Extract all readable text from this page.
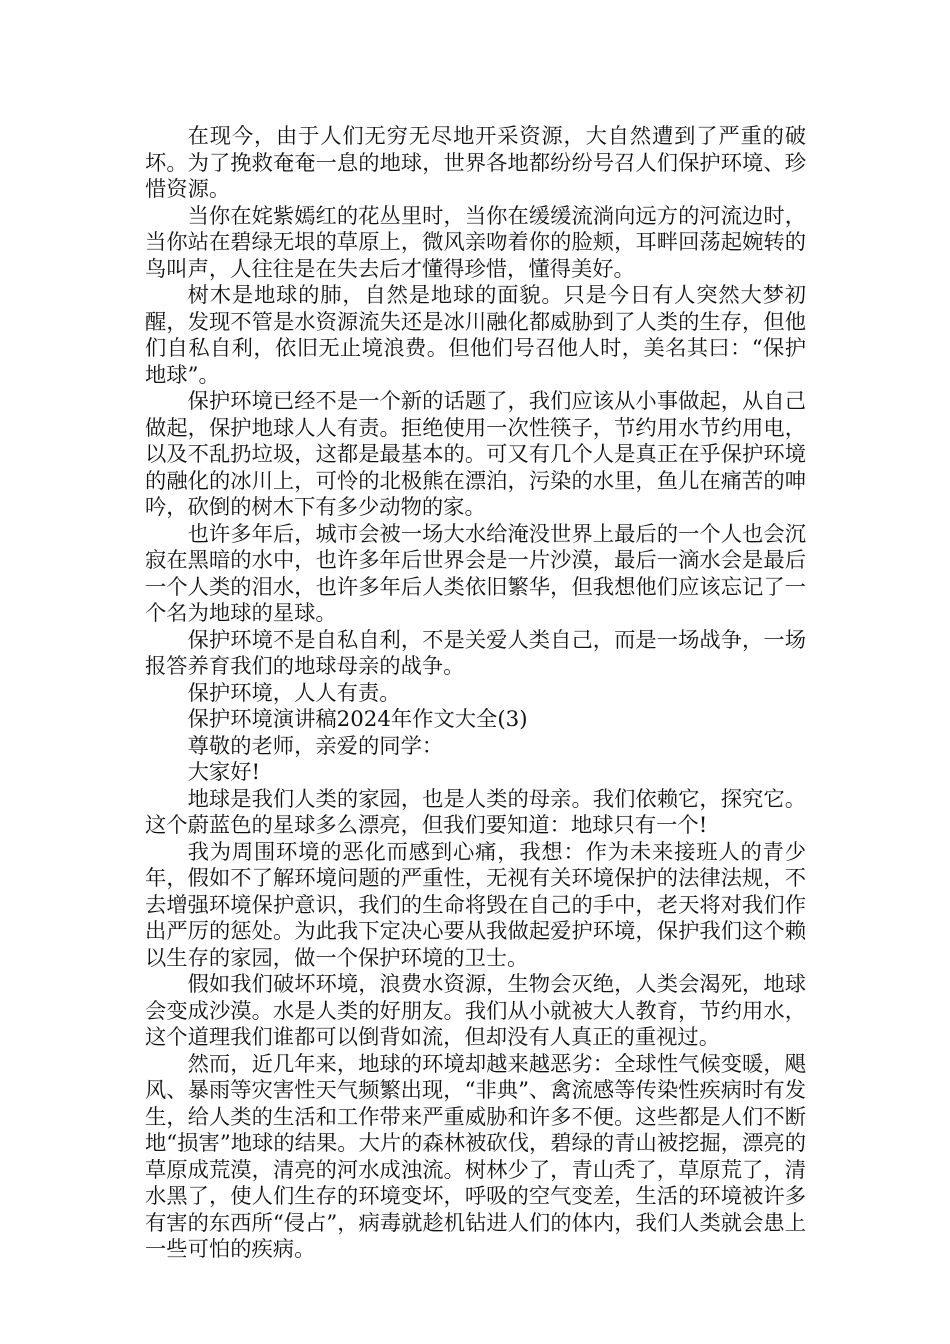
在现今，由于人们无穷无尽地开采资源，大自然遭到了严重的破坏。为了挽救奄奄一息的地球，世界各地都纷纷号召人们保护环境、珍惜资源。

当你在姹紫嫣红的花丛里时，当你在缓缓流淌向远方的河流边时，当你站在碧绿无垠的草原上，微风亲吻着你的脸颊，耳畔回荡起婉转的鸟叫声，人往往是在失去后才懂得珍惜，懂得美好。

树木是地球的肺，自然是地球的面貌。只是今日有人突然大梦初醒，发现不管是水资源流失还是冰川融化都威胁到了人类的生存，但他们自私自利，依旧无止境浪费。但他们号召他人时，美名其曰：“保护地球”。

保护环境已经不是一个新的话题了，我们应该从小事做起，从自己做起，保护地球人人有责。拒绝使用一次性筷子，节约用水节约用电，以及不乱扔垃圾，这都是最基本的。可又有几个人是真正在乎保护环境的融化的冰川上，可怜的北极熊在漂泊，污染的水里，鱼儿在痛苦的呻吟，砍倒的树木下有多少动物的家。

也许多年后，城市会被一场大水给淹没世界上最后的一个人也会沉寂在黑暗的水中，也许多年后世界会是一片沙漠，最后一滴水会是最后一个人类的泪水，也许多年后人类依旧繁华，但我想他们应该忘记了一个名为地球的星球。

保护环境不是自私自利，不是关爱人类自己，而是一场战争，一场报答养育我们的地球母亲的战争。

保护环境，人人有责。

保护环境演讲稿2024年作文大全(3)

尊敬的老师，亲爱的同学：

大家好!

地球是我们人类的家园，也是人类的母亲。我们依赖它，探究它。这个蔚蓝色的星球多么漂亮，但我们要知道：地球只有一个!

我为周围环境的恶化而感到心痛，我想：作为未来接班人的青少年，假如不了解环境问题的严重性，无视有关环境保护的法律法规，不去增强环境保护意识，我们的生命将毁在自己的手中，老天将对我们作出严厉的惩处。为此我下定决心要从我做起爱护环境，保护我们这个赖以生存的家园，做一个保护环境的卫士。

假如我们破坏环境，浪费水资源，生物会灭绝，人类会渴死，地球会变成沙漠。水是人类的好朋友。我们从小就被大人教育，节约用水，这个道理我们谁都可以倒背如流，但却没有人真正的重视过。

然而，近几年来，地球的环境却越来越恶劣：全球性气候变暖，飓风、暴雨等灾害性天气频繁出现，“非典”、禽流感等传染性疾病时有发生，给人类的生活和工作带来严重威胁和许多不便。这些都是人们不断地“损害”地球的结果。大片的森林被砍伐，碧绿的青山被挖掘，漂亮的草原成荒漠，清亮的河水成浊流。树林少了，青山秃了，草原荒了，清水黑了，使人们生存的环境变坏，呼吸的空气变差，生活的环境被许多有害的东西所“侵占”，病毒就趁机钻进人们的体内，我们人类就会患上一些可怕的疾病。
